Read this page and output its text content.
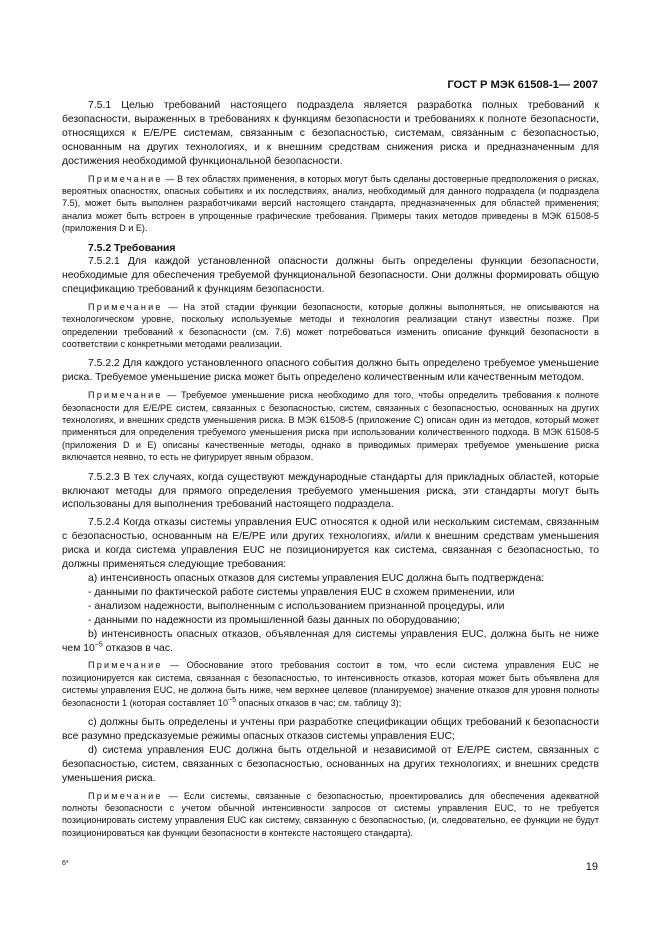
ГОСТ Р МЭК 61508-1— 2007

7.5.1 Целью требований настоящего подраздела является разработка полных требований к безопасности, выраженных в требованиях к функциям безопасности и требованиях к полноте безопасности, относящихся к E/E/PE системам, связанным с безопасностью, системам, связанным с безопасностью, основанным на других технологиях, и к внешним средствам снижения риска и предназначенным для достижения необходимой функциональной безопасности.

Примечание — В тех областях применения, в которых могут быть сделаны достоверные предположения о рисках, вероятных опасностях, опасных событиях и их последствиях, анализ, необходимый для данного подраздела (и подраздела 7.5), может быть выполнен разработчиками версий настоящего стандарта, предназначенных для областей применения; анализ может быть встроен в упрощенные графические требования. Примеры таких методов приведены в МЭК 61508-5 (приложения D и E).

7.5.2 Требования

7.5.2.1 Для каждой установленной опасности должны быть определены функции безопасности, необходимые для обеспечения требуемой функциональной безопасности. Они должны формировать общую спецификацию требований к функциям безопасности.

Примечание — На этой стадии функции безопасности, которые должны выполняться, не описываются на технологическом уровне, поскольку используемые методы и технология реализации станут известны позже. При определении требований к безопасности (см. 7.6) может потребоваться изменить описание функций безопасности в соответствии с конкретными методами реализации.

7.5.2.2 Для каждого установленного опасного события должно быть определено требуемое уменьшение риска. Требуемое уменьшение риска может быть определено количественным или качественным методом.

Примечание — Требуемое уменьшение риска необходимо для того, чтобы определить требования к полноте безопасности для E/E/PE систем, связанных с безопасностью, систем, связанных с безопасностью, основанных на других технологиях, и внешних средств уменьшения риска. В МЭК 61508-5 (приложение C) описан один из методов, который может применяться для определения требуемого уменьшения риска при использовании количественного подхода. В МЭК 61508-5 (приложения D и E) описаны качественные методы, однако в приводимых примерах требуемое уменьшение риска включается неявно, то есть не фигурирует явным образом.

7.5.2.3 В тех случаях, когда существуют международные стандарты для прикладных областей, которые включают методы для прямого определения требуемого уменьшения риска, эти стандарты могут быть использованы для выполнения требований настоящего подраздела.

7.5.2.4 Когда отказы системы управления EUC относятся к одной или нескольким системам, связанным с безопасностью, основанным на E/E/PE или других технологиях, и/или к внешним средствам уменьшения риска и когда система управления EUC не позиционируется как система, связанная с безопасностью, то должны применяться следующие требования:

a) интенсивность опасных отказов для системы управления EUC должна быть подтверждена:

- данными по фактической работе системы управления EUC в схожем применении, или

- анализом надежности, выполненным с использованием признанной процедуры, или

- данными по надежности из промышленной базы данных по оборудованию;

b) интенсивность опасных отказов, объявленная для системы управления EUC, должна быть не ниже чем $10^{-5}$ отказов в час.

Примечание — Обоснование этого требования состоит в том, что если система управления EUC не позиционируется как система, связанная с безопасностью, то интенсивность отказов, которая может быть объявлена для системы управления EUC, не должна быть ниже, чем верхнее целевое (планируемое) значение отказов для уровня полноты безопасности 1 (которая составляет $10^{-5}$ опасных отказов в час; см. таблицу 3);

c) должны быть определены и учтены при разработке спецификации общих требований к безопасности все разумно предсказуемые режимы опасных отказов системы управления EUC;

d) система управления EUC должна быть отдельной и независимой от E/E/PE систем, связанных с безопасностью, систем, связанных с безопасностью, основанных на других технологиях, и внешних средств уменьшения риска.

Примечание — Если системы, связанные с безопасностью, проектировались для обеспечения адекватной полноты безопасности с учетом обычной интенсивности запросов от системы управления EUC, то не требуется позиционировать систему управления EUC как систему, связанную с безопасностью, (и, следовательно, ее функции не будут позиционироваться как функции безопасности в контексте настоящего стандарта).

6*	19
